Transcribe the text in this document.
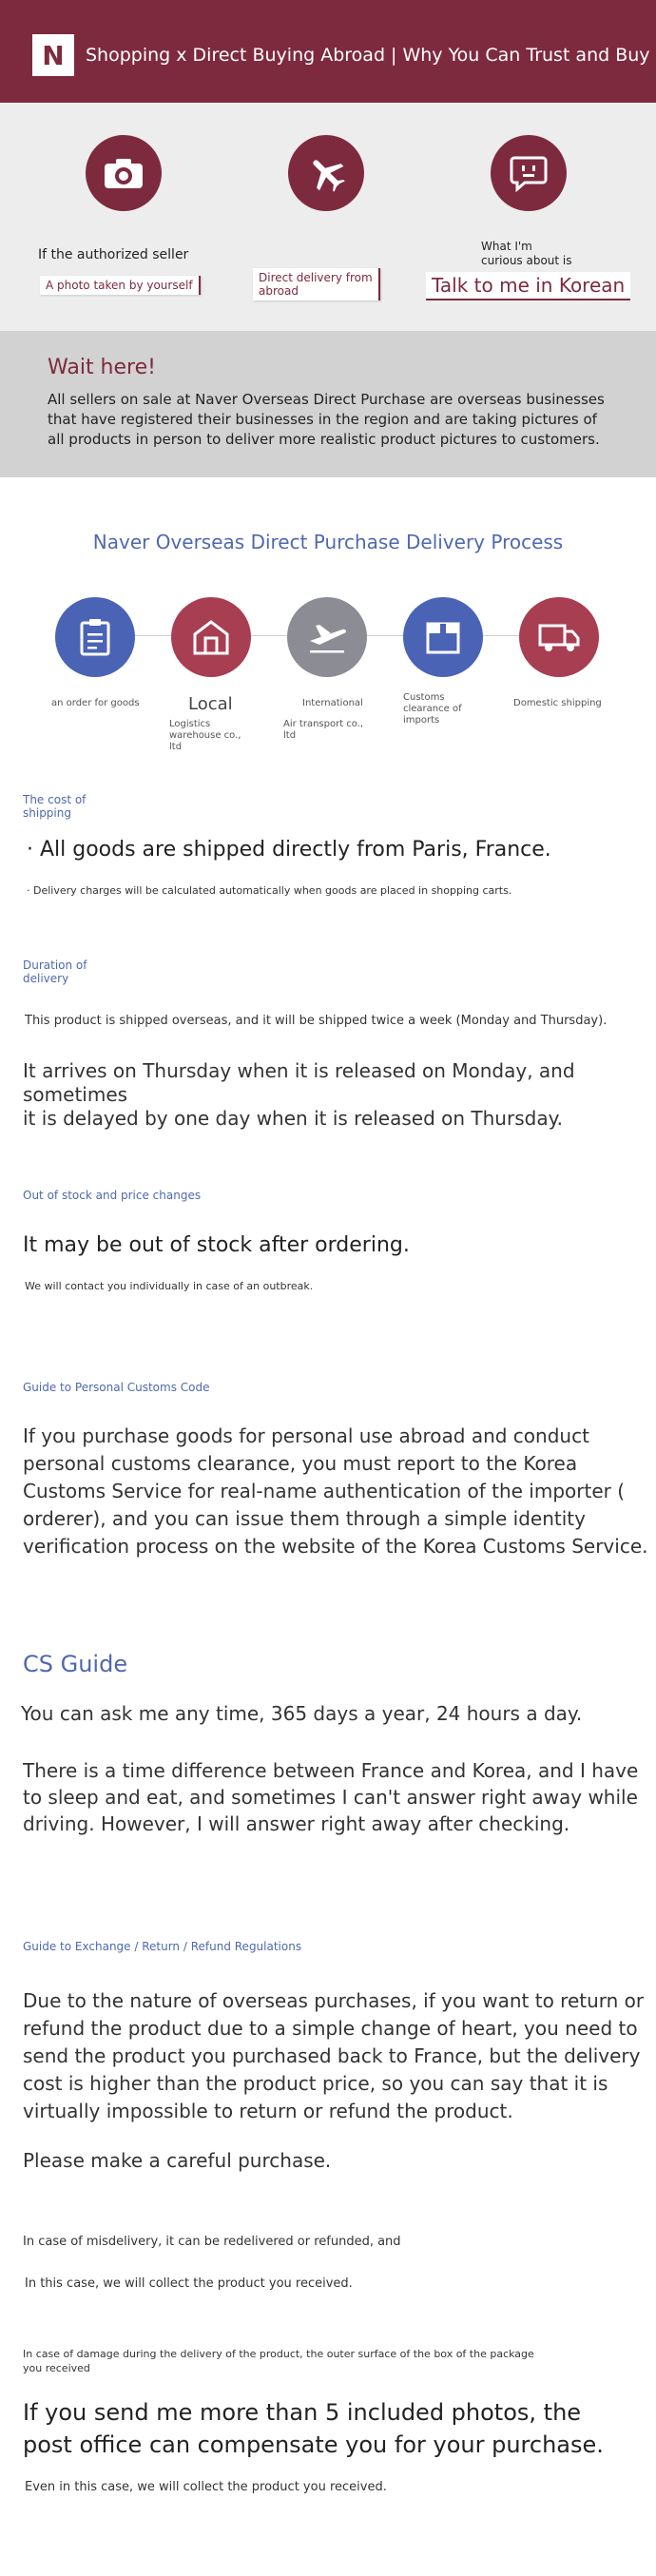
N Shopping x Direct Buying Abroad | Why You Can Trust and Buy
If the authorized seller
A photo taken by yourself
Direct delivery from
abroad
What I'm
curious about is
Talk to me in Korean
Wait here!
All sellers on sale at Naver Overseas Direct Purchase are overseas businesses that have registered their businesses in the region and are taking pictures of all products in person to deliver more realistic product pictures to customers.
Naver Overseas Direct Purchase Delivery Process
an order for goods	Local
Logistics warehouse co., ltd
International
Air transport co., ltd
Customs clearance of imports
Domestic shipping
The cost of
shipping
· All goods are shipped directly from Paris, France.
· Delivery charges will be calculated automatically when goods are placed in shopping carts.
Duration of
delivery
This product is shipped overseas, and it will be shipped twice a week (Monday and Thursday).
It arrives on Thursday when it is released on Monday, and sometimes
it is delayed by one day when it is released on Thursday.
Out of stock and price changes
It may be out of stock after ordering.
We will contact you individually in case of an outbreak.
Guide to Personal Customs Code
If you purchase goods for personal use abroad and conduct
personal customs clearance, you must report to the Korea
Customs Service for real-name authentication of the importer (
orderer), and you can issue them through a simple identity
verification process on the website of the Korea Customs Service.
CS Guide
You can ask me any time, 365 days a year, 24 hours a day.
There is a time difference between France and Korea, and I have
to sleep and eat, and sometimes I can't answer right away while
driving. However, I will answer right away after checking.
Guide to Exchange / Return / Refund Regulations
Due to the nature of overseas purchases, if you want to return or
refund the product due to a simple change of heart, you need to
send the product you purchased back to France, but the delivery
cost is higher than the product price, so you can say that it is
virtually impossible to return or refund the product.
Please make a careful purchase.
In case of misdelivery, it can be redelivered or refunded, and
In this case, we will collect the product you received.
In case of damage during the delivery of the product, the outer surface of the box of the package
you received
If you send me more than 5 included photos, the
post office can compensate you for your purchase.
Even in this case, we will collect the product you received.
